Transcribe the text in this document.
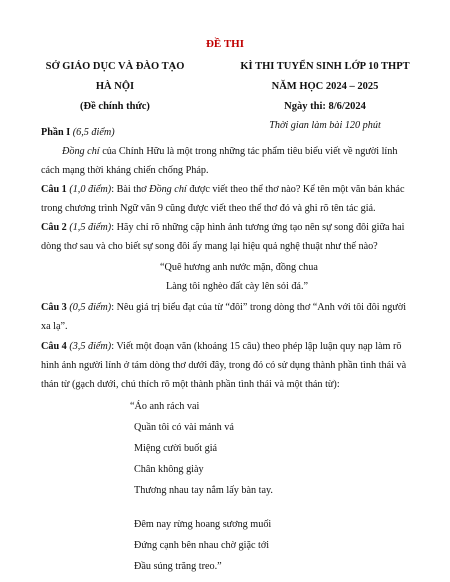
ĐỀ THI
SỞ GIÁO DỤC VÀ ĐÀO TẠO
HÀ NỘI
(Đề chính thức)
KÌ THI TUYỂN SINH LỚP 10 THPT
NĂM HỌC 2024 – 2025
Ngày thi: 8/6/2024
Thời gian làm bài 120 phút
Phần I (6,5 điểm)
Đồng chí của Chính Hữu là một trong những tác phẩm tiêu biểu viết về người lính
cách mạng thời kháng chiến chống Pháp.
Câu 1 (1,0 điểm): Bài thơ Đồng chí được viết theo thể thơ nào? Kể tên một văn bản khác
trong chương trình Ngữ văn 9 cũng được viết theo thể thơ đó và ghi rõ tên tác giả.
Câu 2 (1,5 điểm): Hãy chỉ rõ những cặp hình ảnh tương ứng tạo nên sự song đôi giữa hai
dòng thơ sau và cho biết sự song đôi ấy mang lại hiệu quả nghệ thuật như thế nào?
“Quê hương anh nước mặn, đồng chua
Làng tôi nghèo đất cày lên sỏi đá.”
Câu 3 (0,5 điểm): Nêu giá trị biểu đạt của từ “đôi” trong dòng thơ “Anh với tôi đôi người
xa lạ”.
Câu 4 (3,5 điểm): Viết một đoạn văn (khoảng 15 câu) theo phép lập luận quy nạp làm rõ
hình ảnh người lính ở tám dòng thơ dưới đây, trong đó có sử dụng thành phần tình thái và
thán từ (gạch dưới, chú thích rõ một thành phần tình thái và một thán từ):
“Áo anh rách vai
Quần tôi có vài mảnh vá
Miệng cười buốt giá
Chân không giày
Thương nhau tay nắm lấy bàn tay.
Đêm nay rừng hoang sương muối
Đứng cạnh bên nhau chờ giặc tới
Đầu súng trăng treo.”
